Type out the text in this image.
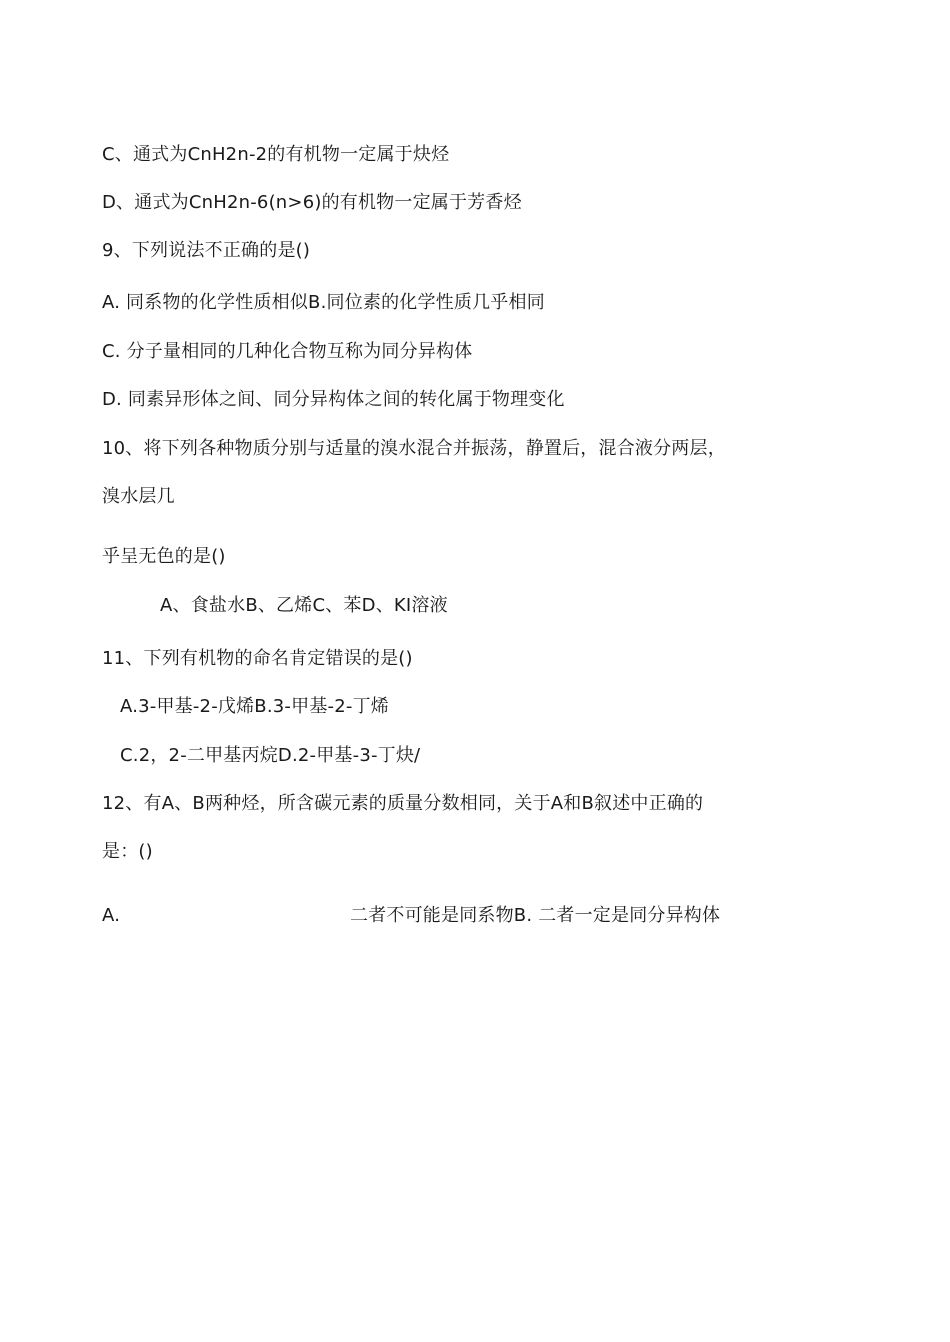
C、通式为CnH2n-2的有机物一定属于炔烃
D、通式为CnH2n-6(n>6)的有机物一定属于芳香烃
9、下列说法不正确的是()
A. 同系物的化学性质相似B.同位素的化学性质几乎相同
C. 分子量相同的几种化合物互称为同分异构体
D. 同素异形体之间、同分异构体之间的转化属于物理变化
10、将下列各种物质分别与适量的溴水混合并振荡，静置后，混合液分两层，
溴水层几
乎呈无色的是()
A、食盐水B、乙烯C、苯D、KI溶液
11、下列有机物的命名肯定错误的是()
A.3-甲基-2-戊烯B.3-甲基-2-丁烯
C.2，2-二甲基丙烷D.2-甲基-3-丁炔/
12、有A、B两种烃，所含碳元素的质量分数相同，关于A和B叙述中正确的
是：()
A.	二者不可能是同系物B. 二者一定是同分异构体
